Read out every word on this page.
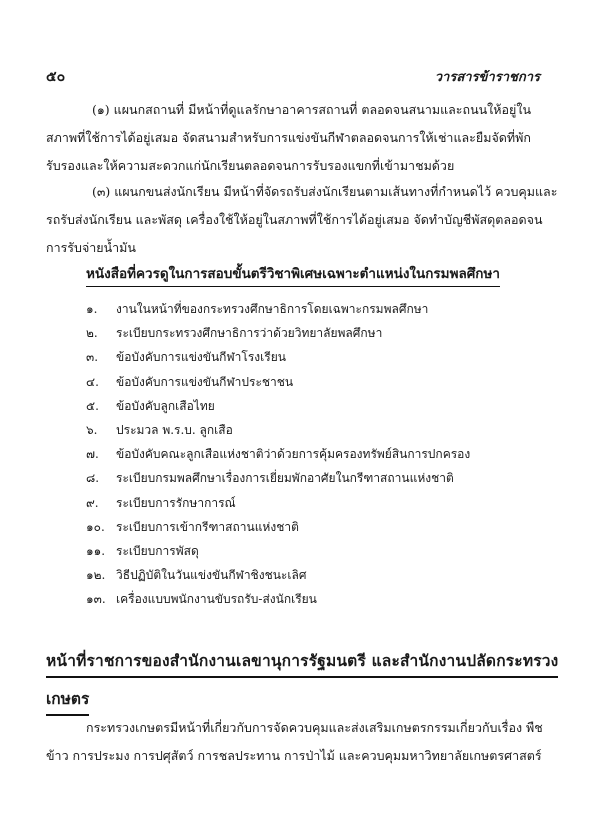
๕๐	วารสารข้าราชการ

(๑) แผนกสถานที่ มีหน้าที่ดูแลรักษาอาคารสถานที่ ตลอดจนสนามและถนนให้อยู่ในสภาพที่ใช้การได้อยู่เสมอ จัดสนามสำหรับการแข่งขันกีฬาตลอดจนการให้เช่าและยืมจัดที่พักรับรองและให้ความสะดวกแก่นักเรียนตลอดจนการรับรองแขกที่เข้ามาชมด้วย

(๓) แผนกขนส่งนักเรียน มีหน้าที่จัดรถรับส่งนักเรียนตามเส้นทางที่กำหนดไว้ ควบคุมและรถรับส่งนักเรียน และพัสดุ เครื่องใช้ให้อยู่ในสภาพที่ใช้การได้อยู่เสมอ จัดทำบัญชีพัสดุตลอดจนการรับจ่ายน้ำมัน

หนังสือที่ควรดูในการสอบขั้นตรีวิชาพิเศษเฉพาะตำแหน่งในกรมพลศึกษา
๑.	งานในหน้าที่ของกระทรวงศึกษาธิการโดยเฉพาะกรมพลศึกษา
๒.	ระเบียบกระทรวงศึกษาธิการว่าด้วยวิทยาลัยพลศึกษา
๓.	ข้อบังคับการแข่งขันกีฬาโรงเรียน
๔.	ข้อบังคับการแข่งขันกีฬาประชาชน
๕.	ข้อบังคับลูกเสือไทย
๖.	ประมวล พ.ร.บ. ลูกเสือ
๗.	ข้อบังคับคณะลูกเสือแห่งชาติว่าด้วยการคุ้มครองทรัพย์สินการปกครอง
๘.	ระเบียบกรมพลศึกษาเรื่องการเยี่ยมพักอาศัยในกรีฑาสถานแห่งชาติ
๙.	ระเบียบการรักษาการณ์
๑๐. ระเบียบการเข้ากรีฑาสถานแห่งชาติ
๑๑. ระเบียบการพัสดุ
๑๒. วิธีปฏิบัติในวันแข่งขันกีฬาชิงชนะเลิศ
๑๓. เครื่องแบบพนักงานขับรถรับ-ส่งนักเรียน
หน้าที่ราชการของสำนักงานเลขานุการรัฐมนตรี และสำนักงานปลัดกระทรวง
เกษตร

กระทรวงเกษตรมีหน้าที่เกี่ยวกับการจัดควบคุมและส่งเสริมเกษตรกรรมเกี่ยวกับเรื่อง พืชข้าว การประมง การปศุสัตว์ การชลประทาน การป่าไม้ และควบคุมมหาวิทยาลัยเกษตรศาสตร์
